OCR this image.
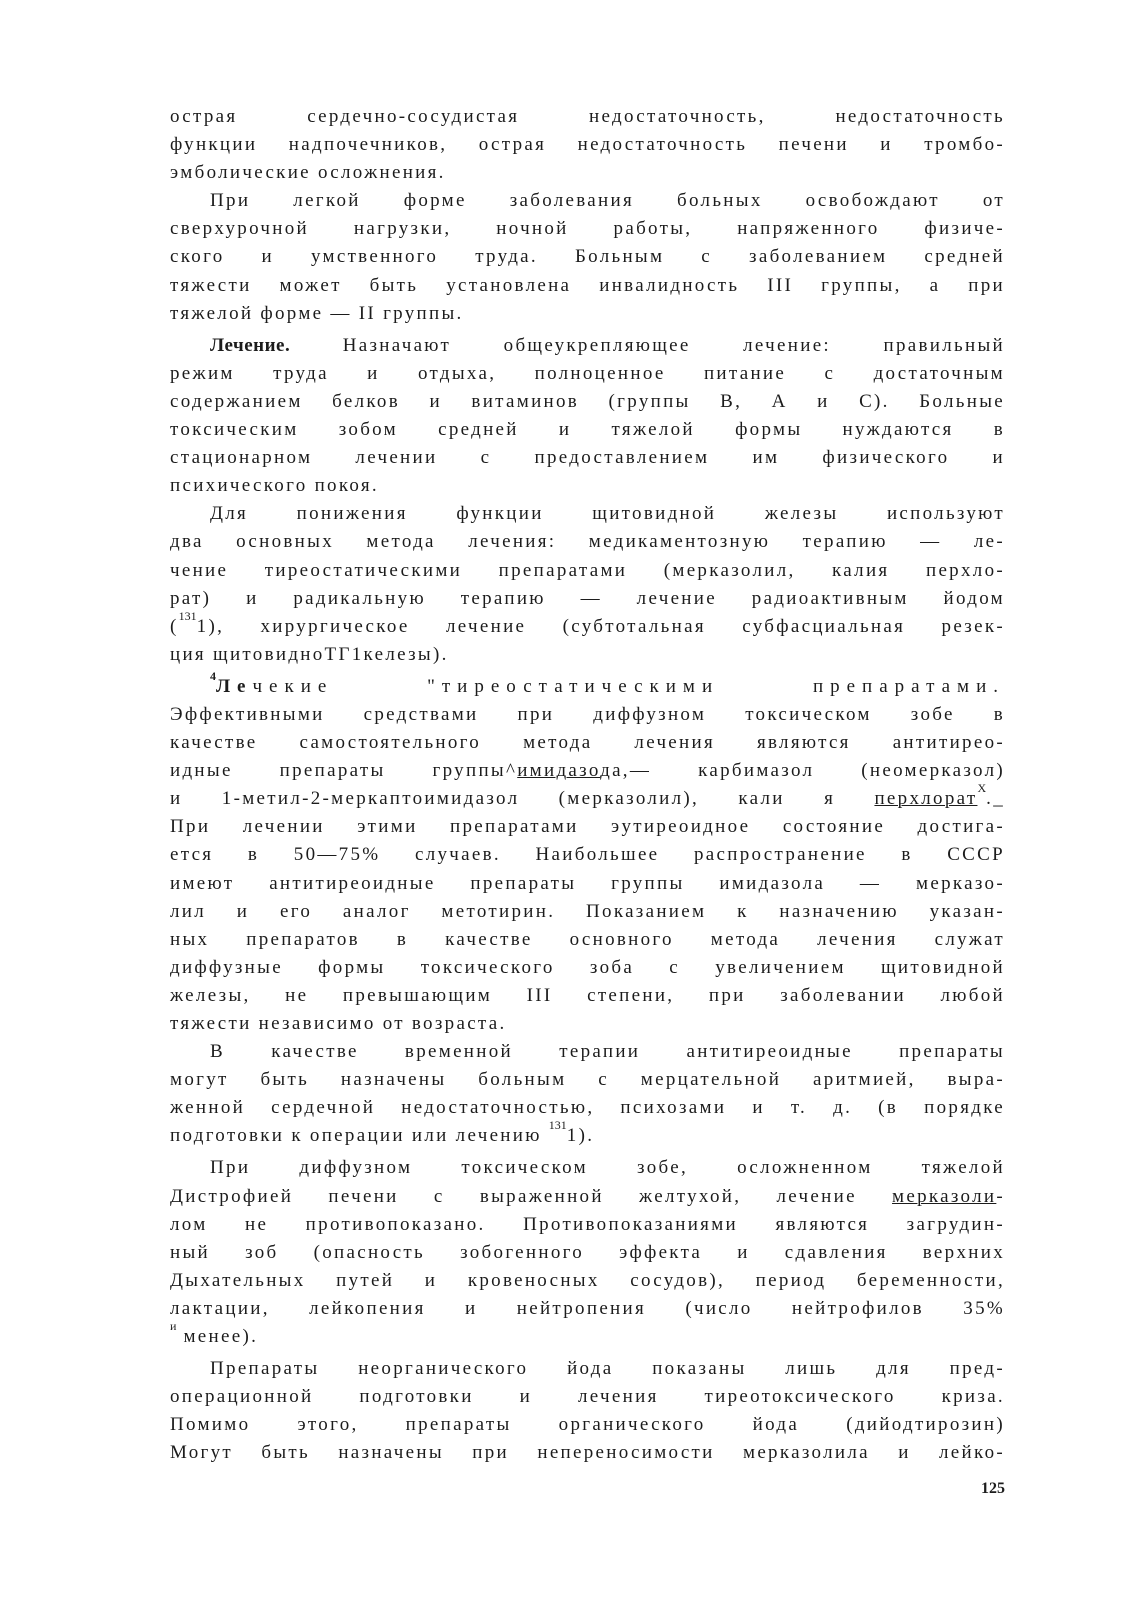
острая сердечно-сосудистая недостаточность, недостаточность
функции надпочечников, острая недостаточность печени и тромбо-
эмболические осложнения.
При легкой форме заболевания больных освобождают от
сверхурочной нагрузки, ночной работы, напряженного физиче-
ского и умственного труда. Больным с заболеванием средней
тяжести может быть установлена инвалидность III группы, а при
тяжелой форме — II группы.
Лечение.	Назначают общеукрепляющее лечение: правильный
режим труда и отдыха, полноценное питание с достаточным
содержанием белков и витаминов (группы В, А и С). Больные
токсическим зобом средней и тяжелой формы нуждаются в
стационарном лечении с предоставлением им физического и
психического покоя.
Для понижения функции щитовидной железы используют
два основных метода лечения: медикаментозную терапию — ле-
чение тиреостатическими препаратами (мерказолил, калия перхло-
рат) и радикальную терапию — лечение радиоактивным йодом
($^{131}$1), хирургическое лечение (субтотальная субфасциальная резек-
ция щитовидноТГ1келезы).
$^4$Лечекие "тиреостатическими препаратами.
Эффективными средствами при диффузном токсическом зобе в
качестве самостоятельного метода лечения являются антитирео-
идные препараты группы^имидазода,— карбимазол (неомерказол)
и 1-метил-2-меркаптоимидазол (мерказолил), кали я перхлорат$^X$._
При лечении этими препаратами эутиреоидное состояние достига-
ется в 50—75% случаев. Наибольшее распространение в СССР
имеют антитиреоидные препараты группы имидазола — мерказо-
лил и его аналог метотирин. Показанием к назначению указан-
ных препаратов в качестве основного метода лечения служат
диффузные формы токсического зоба с увеличением щитовидной
железы, не превышающим III степени, при заболевании любой
тяжести независимо от возраста.
В качестве временной терапии антитиреоидные препараты
могут быть назначены больным с мерцательной аритмией, выра-
женной сердечной недостаточностью, психозами и т. д. (в порядке
подготовки к операции или лечению $^{131}$1).
При диффузном токсическом зобе, осложненном тяжелой
Дистрофией печени с выраженной желтухой, лечение мерказоли-
лом не противопоказано. Противопоказаниями являются загрудин-
ный зоб (опасность зобогенного эффекта и сдавления верхних
Дыхательных путей и кровеносных сосудов), период беременности,
лактации, лейкопения и нейтропения (число нейтрофилов 35%
$^и$ менее).
Препараты неорганического йода показаны лишь для пред-
операционной подготовки и лечения тиреотоксического криза.
Помимо этого, препараты органического йода (дийодтирозин)
Могут быть назначены при непереносимости мерказолила и лейко-
125
